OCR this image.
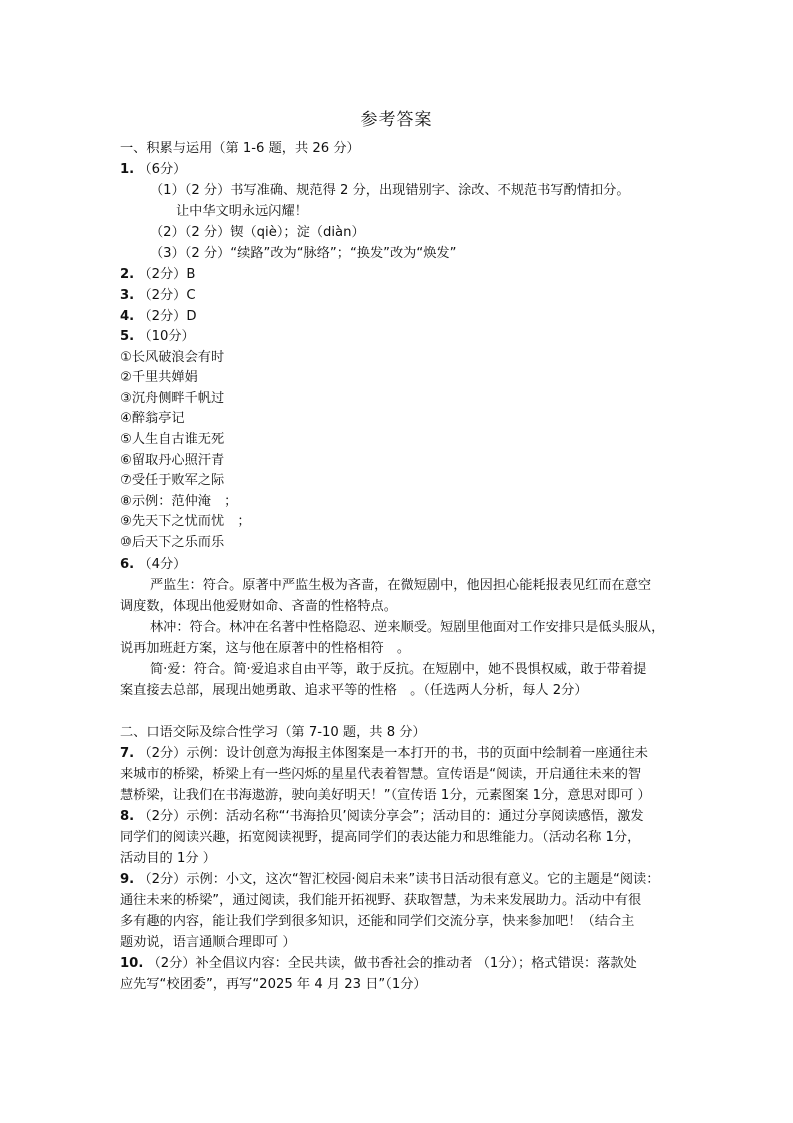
参考答案
一、积累与运用（第 1-6 题，共 26 分）
1. （6分）
（1）（2 分）书写准确、规范得 2 分，出现错别字、涂改、不规范书写酌情扣分。
让中华文明永远闪耀！
（2）（2 分）锲（qiè）；淀（diàn）
（3）（2 分）“续路”改为“脉络”；“换发”改为“焕发”
2. （2分）B
3. （2分）C
4. （2分）D
5. （10分）
①长风破浪会有时
②千里共婵娟
③沉舟侧畔千帆过
④醉翁亭记
⑤人生自古谁无死
⑥留取丹心照汗青
⑦受任于败军之际
⑧示例：范仲淹　；
⑨先天下之忧而忧　；
⑩后天下之乐而乐
6. （4分）
严监生：符合。原著中严监生极为吝啬，在微短剧中，他因担心能耗报表见红而在意空
调度数，体现出他爱财如命、吝啬的性格特点。
林冲：符合。林冲在名著中性格隐忍、逆来顺受。短剧里他面对工作安排只是低头服从，
说再加班赶方案，这与他在原著中的性格相符　。
简·爱：符合。简·爱追求自由平等，敢于反抗。在短剧中，她不畏惧权威，敢于带着提
案直接去总部，展现出她勇敢、追求平等的性格　。（任选两人分析，每人 2分）
二、口语交际及综合性学习（第 7-10 题，共 8 分）
7. （2分）示例：设计创意为海报主体图案是一本打开的书，书的页面中绘制着一座通往未
来城市的桥梁，桥梁上有一些闪烁的星星代表着智慧。宣传语是“阅读，开启通往未来的智
慧桥梁，让我们在书海遨游，驶向美好明天！”（宣传语 1分，元素图案 1分，意思对即可 ）
8. （2分）示例：活动名称“‘书海拾贝’阅读分享会”；活动目的：通过分享阅读感悟，激发
同学们的阅读兴趣，拓宽阅读视野，提高同学们的表达能力和思维能力。（活动名称 1分，
活动目的 1分 ）
9. （2分）示例：小文，这次“智汇校园·阅启未来”读书日活动很有意义。它的主题是“阅读：
通往未来的桥梁”，通过阅读，我们能开拓视野、获取智慧，为未来发展助力。活动中有很
多有趣的内容，能让我们学到很多知识，还能和同学们交流分享，快来参加吧！（结合主
题劝说，语言通顺合理即可 ）
10. （2分）补全倡议内容：全民共读，做书香社会的推动者 （1分）；格式错误：落款处
应先写“校团委”，再写“2025 年 4 月 23 日”（1分）
